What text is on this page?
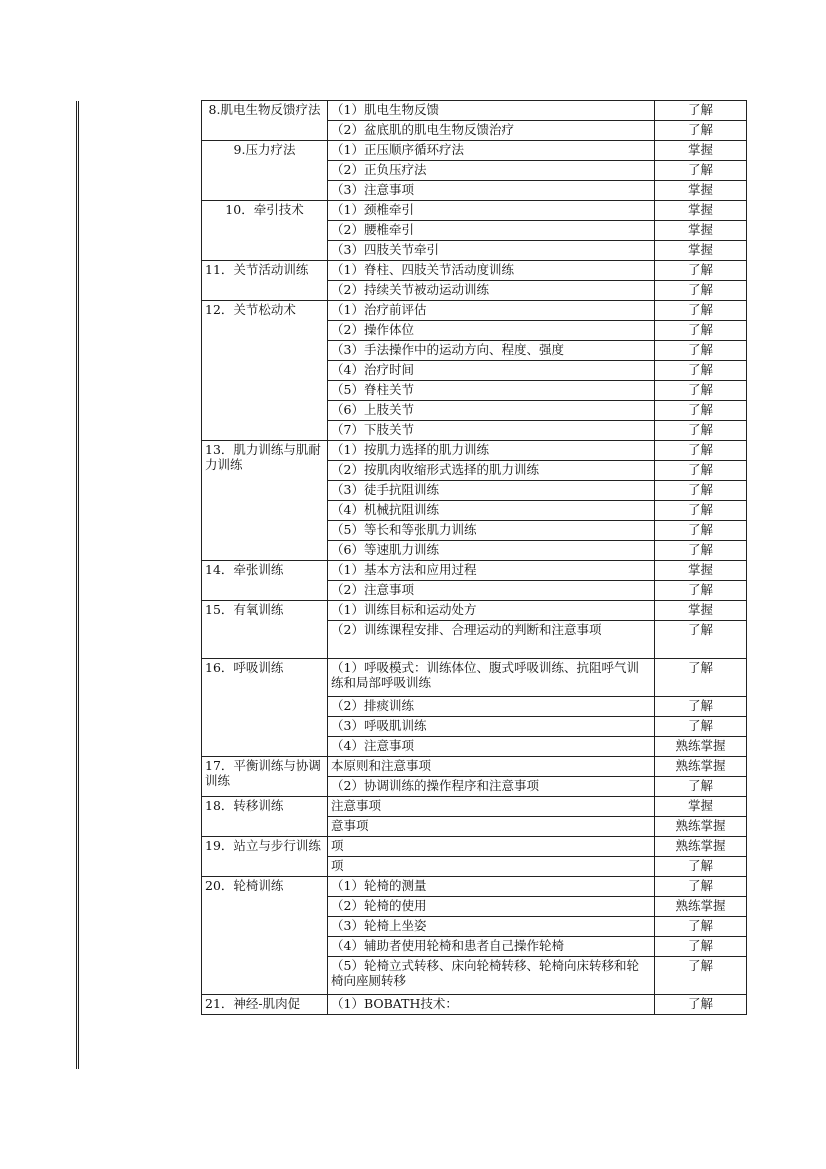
8.肌电生物反馈疗法	（1）肌电生物反馈	了解
	（2）盆底肌的肌电生物反馈治疗	了解
9.压力疗法	（1）正压顺序循环疗法	掌握
	（2）正负压疗法	了解
	（3）注意事项	掌握
10．牵引技术	（1）颈椎牵引	掌握
	（2）腰椎牵引	掌握
	（3）四肢关节牵引	掌握
11．关节活动训练	（1）脊柱、四肢关节活动度训练	了解
	（2）持续关节被动运动训练	了解
12．关节松动术	（1）治疗前评估	了解
	（2）操作体位	了解
	（3）手法操作中的运动方向、程度、强度	了解
	（4）治疗时间	了解
	（5）脊柱关节	了解
	（6）上肢关节	了解
	（7）下肢关节	了解
13．肌力训练与肌耐力训练	（1）按肌力选择的肌力训练	了解
	（2）按肌肉收缩形式选择的肌力训练	了解
	（3）徒手抗阻训练	了解
	（4）机械抗阻训练	了解
	（5）等长和等张肌力训练	了解
	（6）等速肌力训练	了解
14．牵张训练	（1）基本方法和应用过程	掌握
	（2）注意事项	了解
15．有氧训练	（1）训练目标和运动处方	掌握
	（2）训练课程安排、合理运动的判断和注意事项	了解
16．呼吸训练	（1）呼吸模式：训练体位、腹式呼吸训练、抗阻呼气训练和局部呼吸训练	了解
	（2）排痰训练	了解
	（3）呼吸肌训练	了解
	（4）注意事项	熟练掌握
17．平衡训练与协调训练	本原则和注意事项	熟练掌握
	（2）协调训练的操作程序和注意事项	了解
18．转移训练	注意事项	掌握
	意事项	熟练掌握
19．站立与步行训练	项	熟练掌握
	项	了解
20．轮椅训练	（1）轮椅的测量	了解
	（2）轮椅的使用	熟练掌握
	（3）轮椅上坐姿	了解
	（4）辅助者使用轮椅和患者自己操作轮椅	了解
	（5）轮椅立式转移、床向轮椅转移、轮椅向床转移和轮椅向座厕转移	了解
21．神经-肌肉促	（1）BOBATH技术：	了解
